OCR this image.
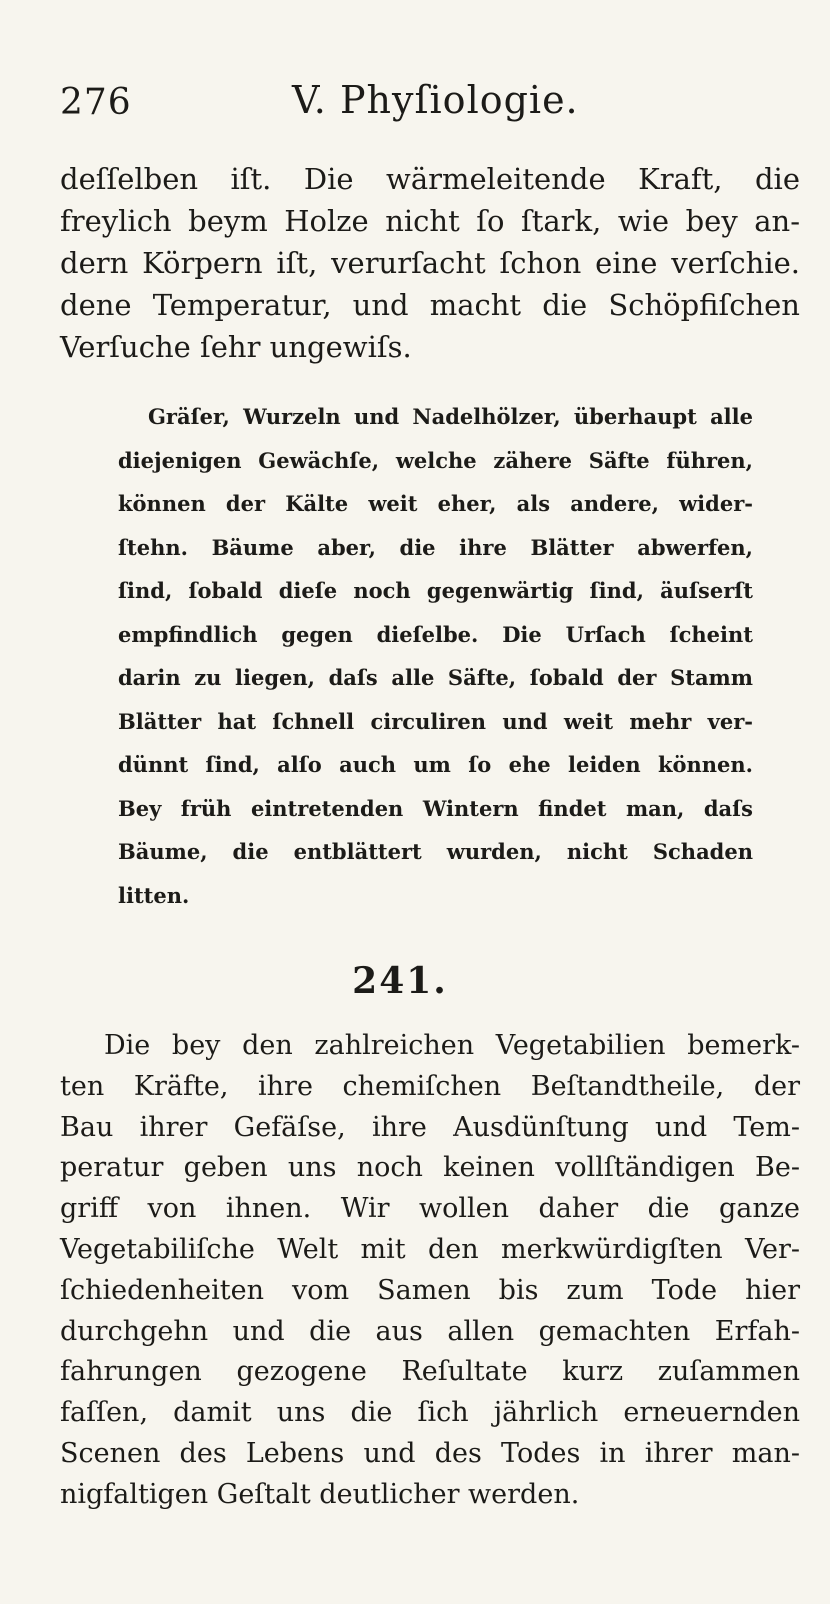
276	V. Phyſiologie.
deſſelben iſt. Die wärmeleitende Kraft, die
freylich beym Holze nicht ſo ſtark, wie bey an-
dern Körpern iſt, verurſacht ſchon eine verſchie.
dene Temperatur, und macht die Schöpfiſchen
Verſuche ſehr ungewiſs.
Gräſer, Wurzeln und Nadelhölzer, überhaupt alle
diejenigen Gewächſe, welche zähere Säfte führen,
können der Kälte weit eher, als andere, wider-
ſtehn. Bäume aber, die ihre Blätter abwerfen,
ſind, ſobald dieſe noch gegenwärtig ſind, äuſserſt
empfindlich gegen dieſelbe. Die Urſach ſcheint
darin zu liegen, daſs alle Säfte, ſobald der Stamm
Blätter hat ſchnell circuliren und weit mehr ver-
dünnt ſind, alſo auch um ſo ehe leiden können.
Bey früh eintretenden Wintern findet man, daſs
Bäume, die entblättert wurden, nicht Schaden
litten.
241.
Die bey den zahlreichen Vegetabilien bemerk-
ten Kräfte, ihre chemiſchen Beſtandtheile, der
Bau ihrer Gefäſse, ihre Ausdünſtung und Tem-
peratur geben uns noch keinen vollſtändigen Be-
griff von ihnen. Wir wollen daher die ganze
Vegetabiliſche Welt mit den merkwürdigſten Ver-
ſchiedenheiten vom Samen bis zum Tode hier
durchgehn und die aus allen gemachten Erfah-
fahrungen gezogene Reſultate kurz zuſammen
faſſen, damit uns die ſich jährlich erneuernden
Scenen des Lebens und des Todes in ihrer man-
nigfaltigen Geſtalt deutlicher werden.
